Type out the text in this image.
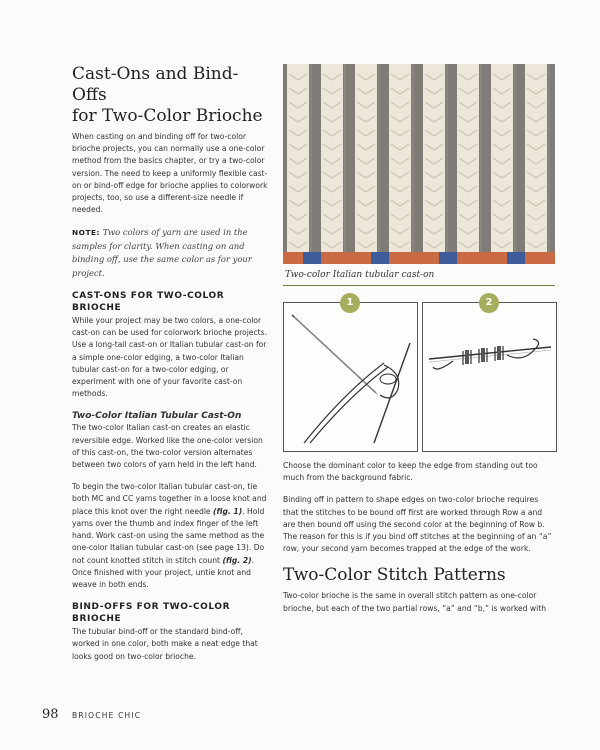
Cast-Ons and Bind-Offs
for Two-Color Brioche

When casting on and binding off for two-color brioche projects, you can normally use a one-color method from the basics chapter, or try a two-color version. The need to keep a uniformly flexible cast-on or bind-off edge for brioche applies to colorwork projects, too, so use a different-size needle if needed.

NOTE: Two colors of yarn are used in the samples for clarity. When casting on and binding off, use the same color as for your project.

CAST-ONS FOR TWO-COLOR BRIOCHE

While your project may be two colors, a one-color cast-on can be used for colorwork brioche projects. Use a long-tail cast-on or Italian tubular cast-on for a simple one-color edging, a two-color Italian tubular cast-on for a two-color edging, or experiment with one of your favorite cast-on methods.

Two-Color Italian Tubular Cast-On

The two-color Italian cast-on creates an elastic reversible edge. Worked like the one-color version of this cast-on, the two-color version alternates between two colors of yarn held in the left hand.

To begin the two-color Italian tubular cast-on, tie both MC and CC yarns together in a loose knot and place this knot over the right needle (fig. 1). Hold yarns over the thumb and index finger of the left hand. Work cast-on using the same method as the one-color Italian tubular cast-on (see page 13). Do not count knotted stitch in stitch count (fig. 2). Once finished with your project, untie knot and weave in both ends.

BIND-OFFS FOR TWO-COLOR BRIOCHE

The tubular bind-off or the standard bind-off, worked in one color, both make a neat edge that looks good on two-color brioche.

Two-color Italian tubular cast-on
1	2

Choose the dominant color to keep the edge from standing out too much from the background fabric.

Binding off in pattern to shape edges on two-color brioche requires that the stitches to be bound off first are worked through Row a and are then bound off using the second color at the beginning of Row b. The reason for this is if you bind off stitches at the beginning of an “a” row, your second yarn becomes trapped at the edge of the work.

Two-Color Stitch Patterns

Two-color brioche is the same in overall stitch pattern as one-color brioche, but each of the two partial rows, “a” and “b,” is worked with

98 BRIOCHE CHIC
